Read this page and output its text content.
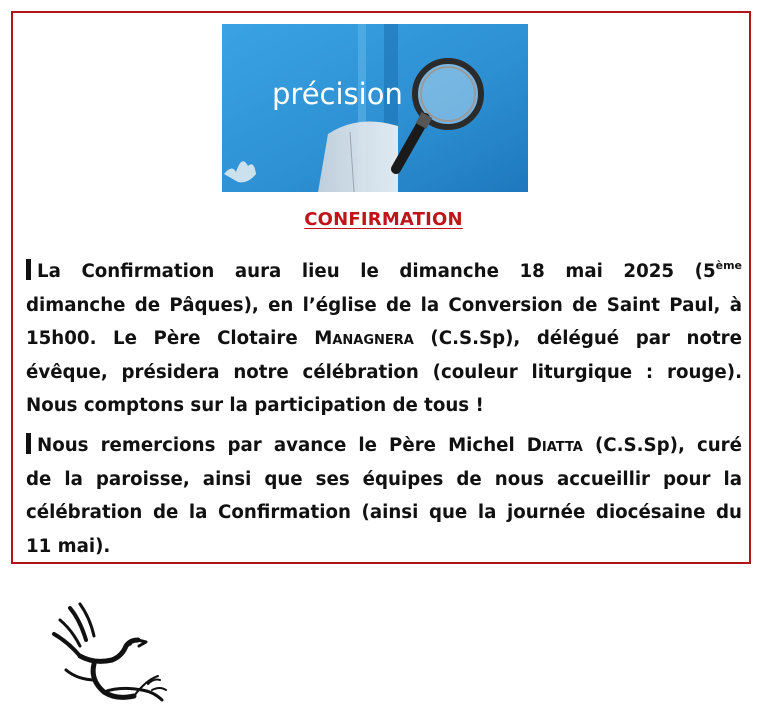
précision
CONFIRMATION
La Confirmation aura lieu le dimanche 18 mai 2025 (5ème
dimanche de Pâques), en l’église de la Conversion de Saint Paul, à
15h00. Le Père Clotaire Managnera (C.S.Sp), délégué par notre
évêque, présidera notre célébration (couleur liturgique : rouge).
Nous comptons sur la participation de tous !
Nous remercions par avance le Père Michel Diatta (C.S.Sp), curé
de la paroisse, ainsi que ses équipes de nous accueillir pour la
célébration de la Confirmation (ainsi que la journée diocésaine du
11 mai).
